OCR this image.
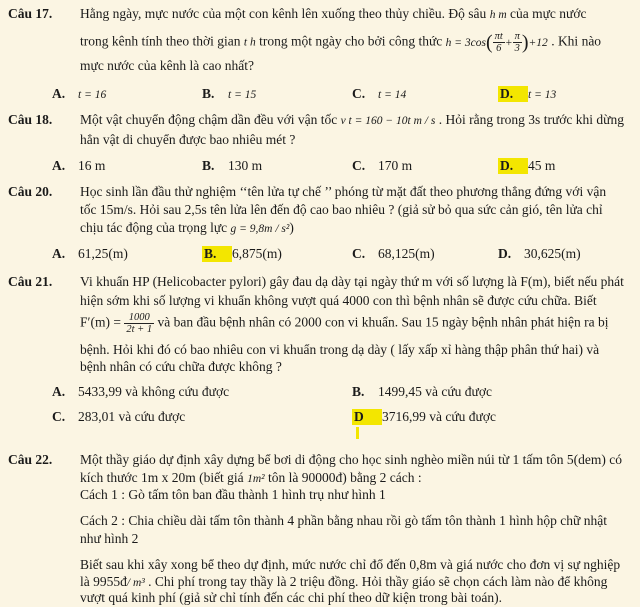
Câu 17. Hằng ngày, mực nước của một con kênh lên xuống theo thủy chiều. Độ sâu h m của mực nước
trong kênh tính theo thời gian t h trong một ngày cho bởi công thức $h = 3\cos( \frac{\pi t}{6} + \frac{\pi}{3} )+12$ . Khi nào
mực nước của kênh là cao nhất?
A. t = 16	B. t = 15	C. t = 14	D. t = 13
Câu 18. Một vật chuyển động chậm dần đều với vận tốc v t = 160 − 10t m / s . Hỏi rằng trong 3s trước khi dừng
hẳn vật di chuyển được bao nhiêu mét ?
A. 16 m	B. 130 m	C. 170 m	D. 45 m
Câu 20. Học sinh lần đầu thử nghiệm ‘‘tên lửa tự chế ’’ phóng từ mặt đất theo phương thẳng đứng với vận
tốc 15m/s. Hỏi sau 2,5s tên lửa lên đến độ cao bao nhiêu ? (giả sử bỏ qua sức cản gió, tên lửa chỉ
chịu tác động của trọng lực g = 9,8m / s²)
A. 61,25(m)	B. 6,875(m)	C. 68,125(m)	D. 30,625(m)
Câu 21. Vi khuẩn HP (Helicobacter pylori) gây đau dạ dày tại ngày thứ m với số lượng là F(m), biết nếu phát
hiện sớm khi số lượng vi khuẩn không vượt quá 4000 con thì bệnh nhân sẽ được cứu chữa. Biết
$F'(m) = \frac{1000}{2t + 1}$ và ban đầu bệnh nhân có 2000 con vi khuẩn. Sau 15 ngày bệnh nhân phát hiện ra bị
bệnh. Hỏi khi đó có bao nhiêu con vi khuẩn trong dạ dày ( lấy xấp xỉ hàng thập phân thứ hai) và
bệnh nhân có cứu chữa được không ?
A. 5433,99 và không cứu được	B. 1499,45 và cứu được
C. 283,01 và cứu được	D 3716,99 và cứu được
Câu 22. Một thầy giáo dự định xây dựng bể bơi di động cho học sinh nghèo miền núi từ 1 tấm tôn 5(dem) có
kích thước 1m x 20m (biết giá 1m² tôn là 90000đ) bằng 2 cách :
Cách 1 : Gò tấm tôn ban đầu thành 1 hình trụ như hình 1
Cách 2 : Chia chiều dài tấm tôn thành 4 phần bằng nhau rồi gò tấm tôn thành 1 hình hộp chữ nhật
như hình 2
Biết sau khi xây xong bể theo dự định, mức nước chỉ đổ đến 0,8m và giá nước cho đơn vị sự nghiệp
là 9955đ/ m³ . Chi phí trong tay thầy là 2 triệu đồng. Hỏi thầy giáo sẽ chọn cách làm nào để không
vượt quá kinh phí (giả sử chỉ tính đến các chi phí theo dữ kiện trong bài toán).
